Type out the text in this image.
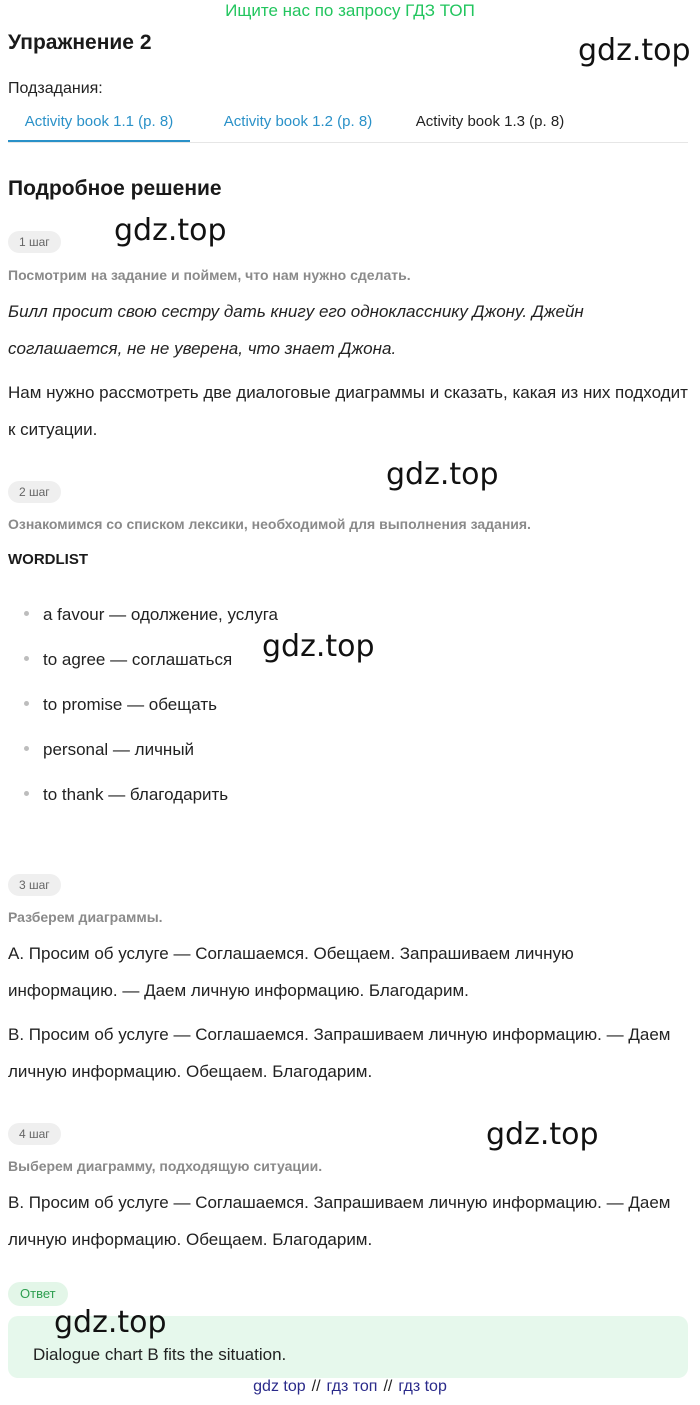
Ищите нас по запросу ГДЗ ТОП
Упражнение 2	gdz.top
Подзадания:
Activity book 1.1 (p. 8)	Activity book 1.2 (p. 8)	Activity book 1.3 (p. 8)
Подробное решение
1 шаг	gdz.top
Посмотрим на задание и поймем, что нам нужно сделать.
Билл просит свою сестру дать книгу его однокласснику Джону. Джейн соглашается, не не уверена, что знает Джона.
Нам нужно рассмотреть две диалоговые диаграммы и сказать, какая из них подходит к ситуации.
gdz.top
2 шаг
Ознакомимся со списком лексики, необходимой для выполнения задания.
WORDLIST
a favour — одолжение, услуга
to agree — соглашаться gdz.top
to promise — обещать
personal — личный
to thank — благодарить
3 шаг
Разберем диаграммы.
A. Просим об услуге — Соглашаемся. Обещаем. Запрашиваем личную информацию. — Даем личную информацию. Благодарим.
B. Просим об услуге — Соглашаемся. Запрашиваем личную информацию. — Даем личную информацию. Обещаем. Благодарим.
4 шаг	gdz.top
Выберем диаграмму, подходящую ситуации.
B. Просим об услуге — Соглашаемся. Запрашиваем личную информацию. — Даем личную информацию. Обещаем. Благодарим.
Ответ
gdz.top
Dialogue chart B fits the situation.
gdz top // гдз топ // гдз top
